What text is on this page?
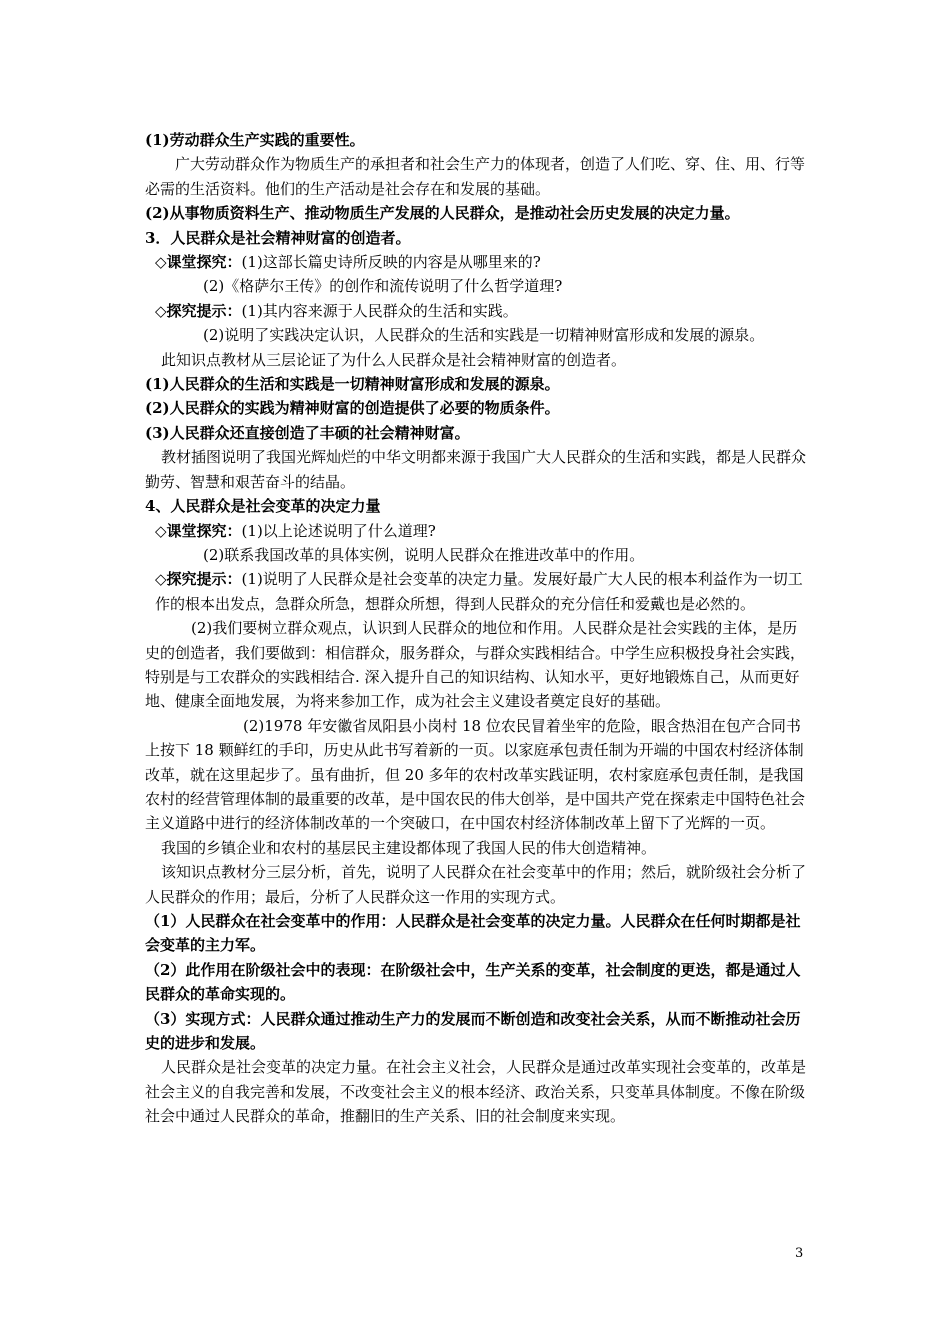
(1)劳动群众生产实践的重要性。

广大劳动群众作为物质生产的承担者和社会生产力的体现者，创造了人们吃、穿、住、用、行等必需的生活资料。他们的生产活动是社会存在和发展的基础。

(2)从事物质资料生产、推动物质生产发展的人民群众，是推动社会历史发展的决定力量。

3．人民群众是社会精神财富的创造者。

◇课堂探究：(1)这部长篇史诗所反映的内容是从哪里来的?

(2)《格萨尔王传》的创作和流传说明了什么哲学道理?

◇探究提示：(1)其内容来源于人民群众的生活和实践。

(2)说明了实践决定认识，人民群众的生活和实践是一切精神财富形成和发展的源泉。

此知识点教材从三层论证了为什么人民群众是社会精神财富的创造者。

(1)人民群众的生活和实践是一切精神财富形成和发展的源泉。

(2)人民群众的实践为精神财富的创造提供了必要的物质条件。

(3)人民群众还直接创造了丰硕的社会精神财富。

教材插图说明了我国光辉灿烂的中华文明都来源于我国广大人民群众的生活和实践，都是人民群众勤劳、智慧和艰苦奋斗的结晶。

4、人民群众是社会变革的决定力量

◇课堂探究：(1)以上论述说明了什么道理?

(2)联系我国改革的具体实例，说明人民群众在推进改革中的作用。

◇探究提示：(1)说明了人民群众是社会变革的决定力量。发展好最广大人民的根本利益作为一切工作的根本出发点，急群众所急，想群众所想，得到人民群众的充分信任和爱戴也是必然的。

(2)我们要树立群众观点，认识到人民群众的地位和作用。人民群众是社会实践的主体，是历史的创造者，我们要做到：相信群众，服务群众，与群众实践相结合。中学生应积极投身社会实践，特别是与工农群众的实践相结合. 深入提升自己的知识结构、认知水平，更好地锻炼自己，从而更好地、健康全面地发展，为将来参加工作，成为社会主义建设者奠定良好的基础。

(2)1978 年安徽省凤阳县小岗村 18 位农民冒着坐牢的危险，眼含热泪在包产合同书上按下 18 颗鲜红的手印，历史从此书写着新的一页。以家庭承包责任制为开端的中国农村经济体制改革，就在这里起步了。虽有曲折，但 20 多年的农村改革实践证明，农村家庭承包责任制，是我国农村的经营管理体制的最重要的改革，是中国农民的伟大创举，是中国共产党在探索走中国特色社会主义道路中进行的经济体制改革的一个突破口，在中国农村经济体制改革上留下了光辉的一页。

我国的乡镇企业和农村的基层民主建设都体现了我国人民的伟大创造精神。

该知识点教材分三层分析，首先，说明了人民群众在社会变革中的作用；然后，就阶级社会分析了人民群众的作用；最后，分析了人民群众这一作用的实现方式。

（1）人民群众在社会变革中的作用：人民群众是社会变革的决定力量。人民群众在任何时期都是社会变革的主力军。

（2）此作用在阶级社会中的表现：在阶级社会中，生产关系的变革，社会制度的更迭，都是通过人民群众的革命实现的。

（3）实现方式：人民群众通过推动生产力的发展而不断创造和改变社会关系，从而不断推动社会历史的进步和发展。

人民群众是社会变革的决定力量。在社会主义社会，人民群众是通过改革实现社会变革的，改革是社会主义的自我完善和发展，不改变社会主义的根本经济、政治关系，只变革具体制度。不像在阶级社会中通过人民群众的革命，推翻旧的生产关系、旧的社会制度来实现。

3
